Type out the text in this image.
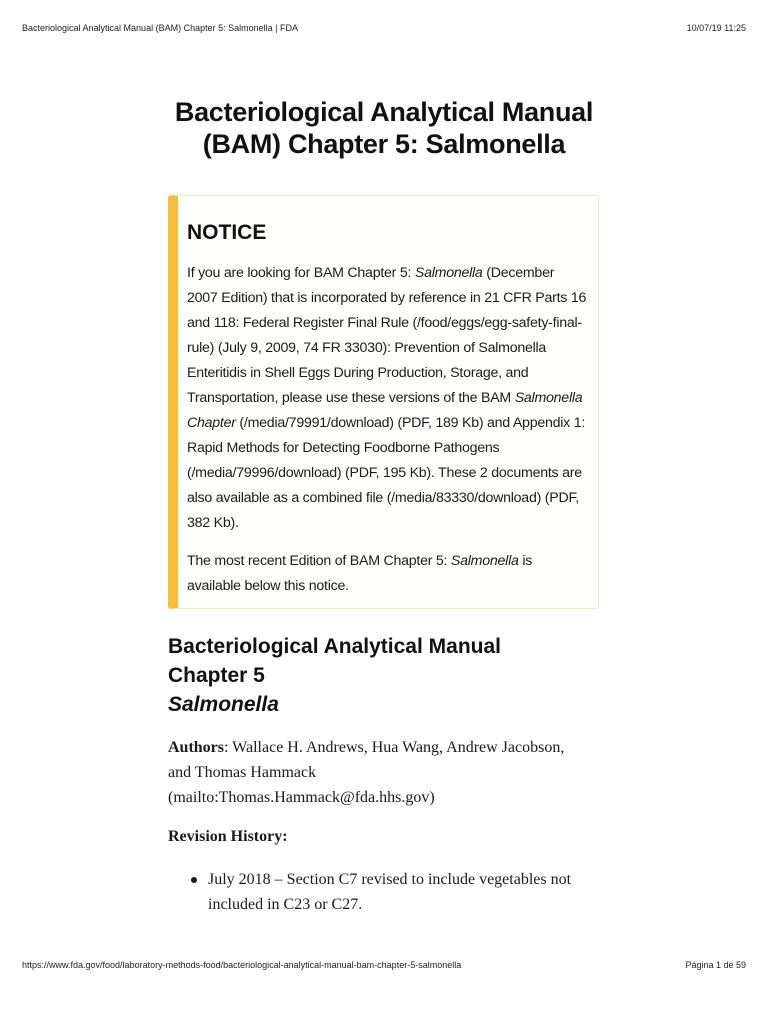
Bacteriological Analytical Manual (BAM) Chapter 5: Salmonella | FDA	10/07/19 11:25
Bacteriological Analytical Manual
(BAM) Chapter 5: Salmonella
NOTICE

If you are looking for BAM Chapter 5: Salmonella (December 2007 Edition) that is incorporated by reference in 21 CFR Parts 16 and 118: Federal Register Final Rule (/food/eggs/egg-safety-final-rule) (July 9, 2009, 74 FR 33030): Prevention of Salmonella Enteritidis in Shell Eggs During Production, Storage, and Transportation, please use these versions of the BAM Salmonella Chapter (/media/79991/download) (PDF, 189 Kb) and Appendix 1: Rapid Methods for Detecting Foodborne Pathogens (/media/79996/download) (PDF, 195 Kb). These 2 documents are also available as a combined file (/media/83330/download) (PDF, 382 Kb).

The most recent Edition of BAM Chapter 5: Salmonella is available below this notice.

Bacteriological Analytical Manual
Chapter 5
Salmonella

Authors: Wallace H. Andrews, Hua Wang, Andrew Jacobson, and Thomas Hammack (mailto:Thomas.Hammack@fda.hhs.gov)

Revision History:

July 2018 – Section C7 revised to include vegetables not included in C23 or C27.
https://www.fda.gov/food/laboratory-methods-food/bacteriological-analytical-manual-bam-chapter-5-salmonella	Página 1 de 59
